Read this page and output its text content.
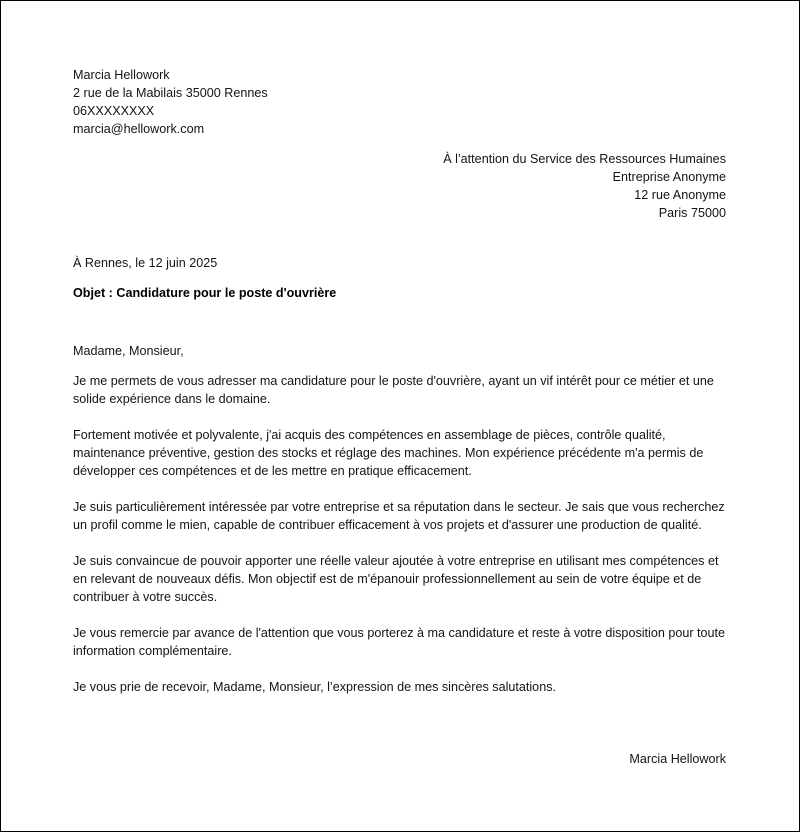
Marcia Hellowork
2 rue de la Mabilais 35000 Rennes
06XXXXXXXX
marcia@hellowork.com
À l’attention du Service des Ressources Humaines
Entreprise Anonyme
12 rue Anonyme
Paris 75000
À Rennes, le 12 juin 2025
Objet : Candidature pour le poste d'ouvrière

Madame, Monsieur,

Je me permets de vous adresser ma candidature pour le poste d'ouvrière, ayant un vif intérêt pour ce métier et une solide expérience dans le domaine.

Fortement motivée et polyvalente, j'ai acquis des compétences en assemblage de pièces, contrôle qualité, maintenance préventive, gestion des stocks et réglage des machines. Mon expérience précédente m'a permis de développer ces compétences et de les mettre en pratique efficacement.

Je suis particulièrement intéressée par votre entreprise et sa réputation dans le secteur. Je sais que vous recherchez un profil comme le mien, capable de contribuer efficacement à vos projets et d'assurer une production de qualité.

Je suis convaincue de pouvoir apporter une réelle valeur ajoutée à votre entreprise en utilisant mes compétences et en relevant de nouveaux défis. Mon objectif est de m'épanouir professionnellement au sein de votre équipe et de contribuer à votre succès.

Je vous remercie par avance de l'attention que vous porterez à ma candidature et reste à votre disposition pour toute information complémentaire.

Je vous prie de recevoir, Madame, Monsieur, l’expression de mes sincères salutations.

Marcia Hellowork
